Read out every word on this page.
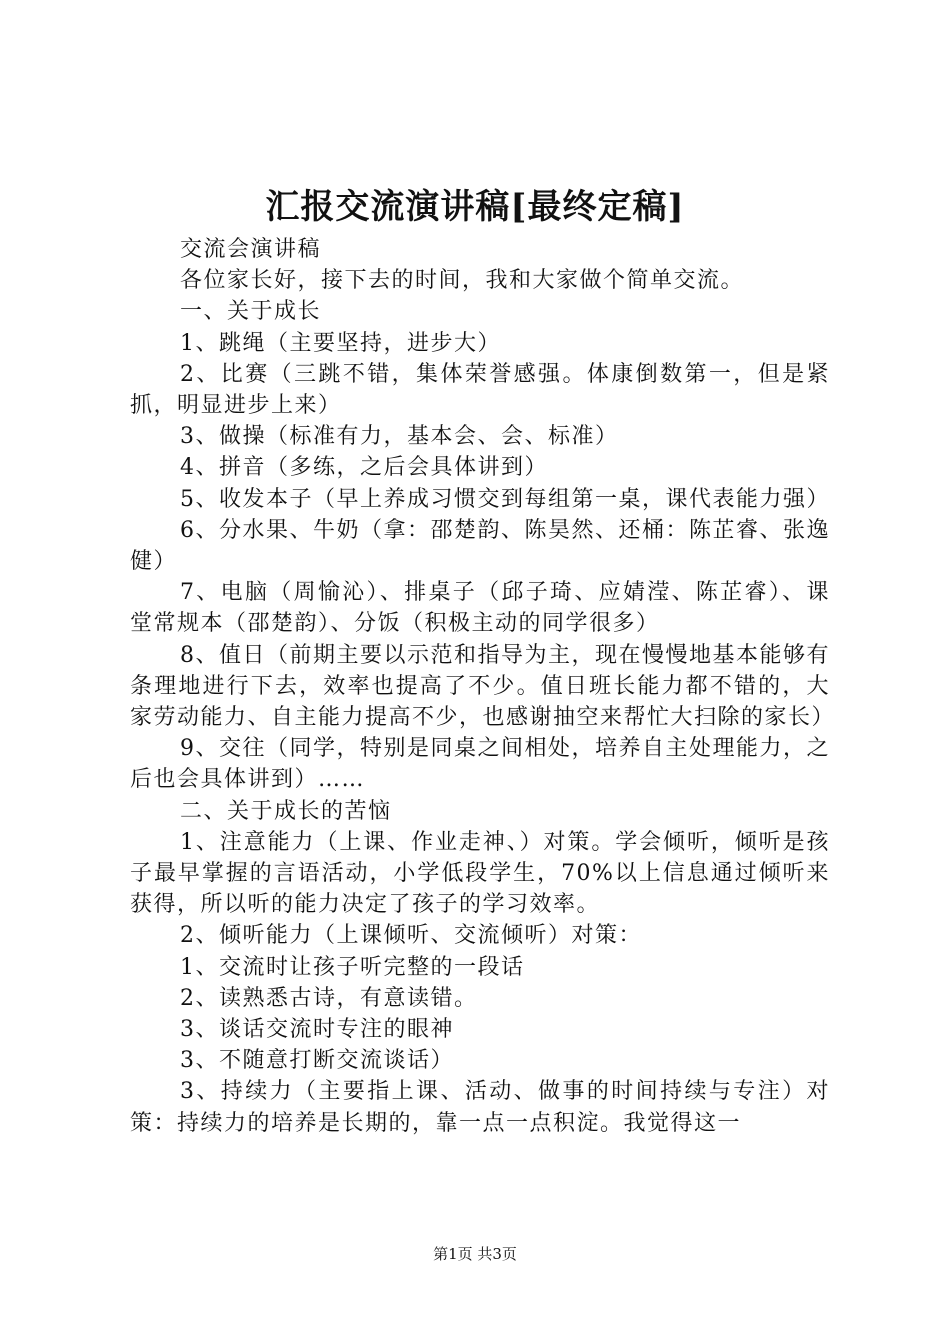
汇报交流演讲稿[最终定稿]

交流会演讲稿

各位家长好，接下去的时间，我和大家做个简单交流。

一、关于成长

1、跳绳（主要坚持，进步大）

2、比赛（三跳不错，集体荣誉感强。体康倒数第一，但是紧抓，明显进步上来）

3、做操（标准有力，基本会、会、标准）

4、拼音（多练，之后会具体讲到）

5、收发本子（早上养成习惯交到每组第一桌，课代表能力强）

6、分水果、牛奶（拿：邵楚韵、陈昊然、还桶：陈芷睿、张逸健）

7、电脑（周愉沁）、排桌子（邱子琦、应婧滢、陈芷睿）、课堂常规本（邵楚韵）、分饭（积极主动的同学很多）

8、值日（前期主要以示范和指导为主，现在慢慢地基本能够有条理地进行下去，效率也提高了不少。值日班长能力都不错的，大家劳动能力、自主能力提高不少，也感谢抽空来帮忙大扫除的家长）

9、交往（同学，特别是同桌之间相处，培养自主处理能力，之后也会具体讲到）……

二、关于成长的苦恼

1、注意能力（上课、作业走神、）对策。学会倾听，倾听是孩子最早掌握的言语活动，小学低段学生，70%以上信息通过倾听来获得，所以听的能力决定了孩子的学习效率。

2、倾听能力（上课倾听、交流倾听）对策：

1、交流时让孩子听完整的一段话

2、读熟悉古诗，有意读错。

3、谈话交流时专注的眼神

3、不随意打断交流谈话）

3、持续力（主要指上课、活动、做事的时间持续与专注）对策：持续力的培养是长期的，靠一点一点积淀。我觉得这一

第1页 共3页
